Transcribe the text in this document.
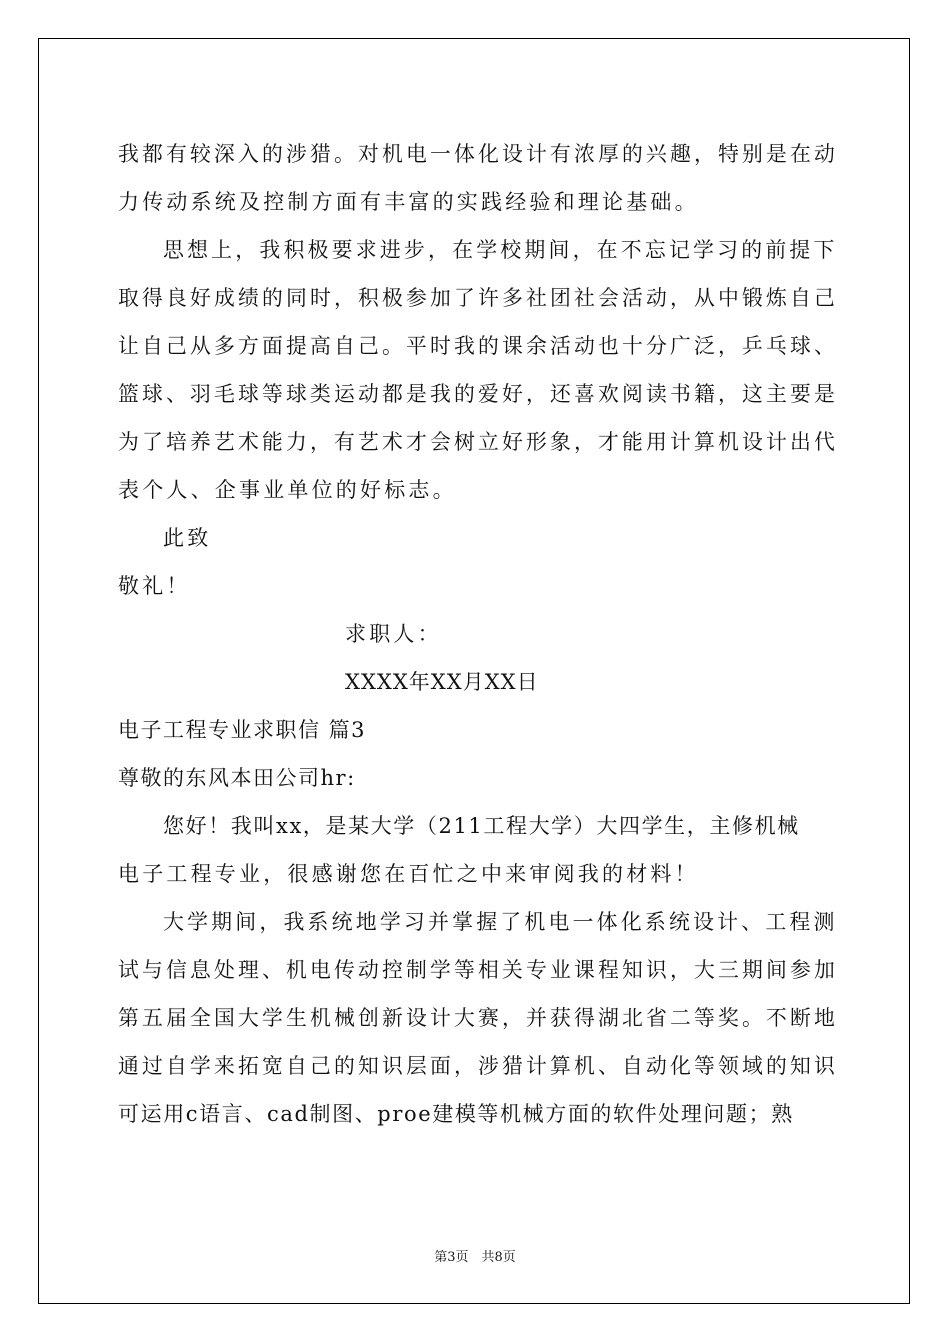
我都有较深入的涉猎。对机电一体化设计有浓厚的兴趣，特别是在动
力传动系统及控制方面有丰富的实践经验和理论基础。
思想上，我积极要求进步，在学校期间，在不忘记学习的前提下
取得良好成绩的同时，积极参加了许多社团社会活动，从中锻炼自己
让自己从多方面提高自己。平时我的课余活动也十分广泛，乒乓球、
篮球、羽毛球等球类运动都是我的爱好，还喜欢阅读书籍，这主要是
为了培养艺术能力，有艺术才会树立好形象，才能用计算机设计出代
表个人、企事业单位的好标志。
此致
敬礼！
求职人：
XXXX年XX月XX日
电子工程专业求职信 篇3
尊敬的东风本田公司hr:
您好！我叫xx，是某大学（211工程大学）大四学生，主修机械
电子工程专业，很感谢您在百忙之中来审阅我的材料！
大学期间，我系统地学习并掌握了机电一体化系统设计、工程测
试与信息处理、机电传动控制学等相关专业课程知识，大三期间参加
第五届全国大学生机械创新设计大赛，并获得湖北省二等奖。不断地
通过自学来拓宽自己的知识层面，涉猎计算机、自动化等领域的知识
可运用c语言、cad制图、proe建模等机械方面的软件处理问题；熟
第3页　共8页
